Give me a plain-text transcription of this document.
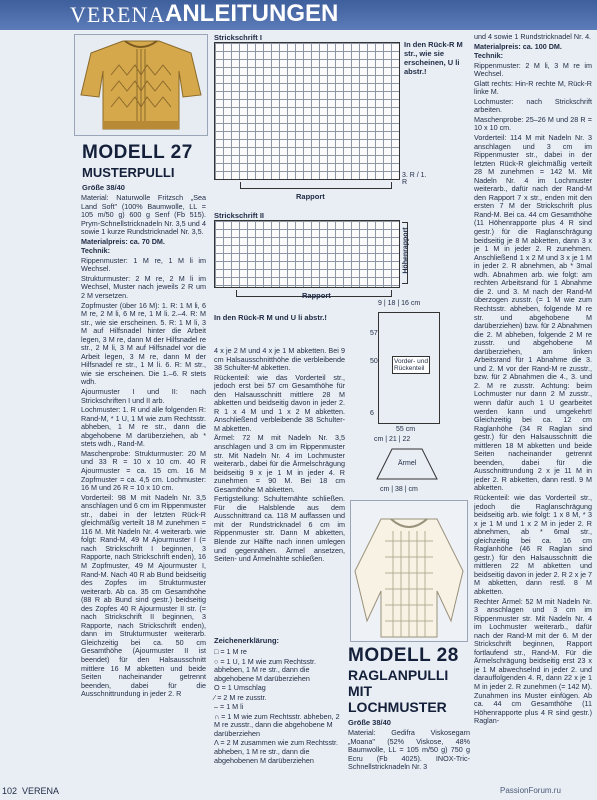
VERENA ANLEITUNGEN
MODELL 27
MUSTERPULLI
Größe 38/40

Material: Naturwolle Fritzsch „Sea Land Soft" (100% Baumwolle, LL = 105 m/50 g) 600 g Senf (Fb 515). Prym-Schnellstricknadeln Nr. 3,5 und 4 sowie 1 kurze Rundstricknadel Nr. 3,5.

Materialpreis: ca. 70 DM.

Technik:

Rippenmuster: 1 M re, 1 M li im Wechsel.

Strukturmuster: 2 M re, 2 M li im Wechsel, Muster nach jeweils 2 R um 2 M versetzen.

Zopfmuster (über 16 M): 1. R: 1 M li, 6 M re, 2 M li, 6 M re, 1 M li. 2.–4. R: M str., wie sie erscheinen. 5. R: 1 M li, 3 M auf Hilfsnadel hinter die Arbeit legen, 3 M re, dann M der Hilfsnadel re str., 2 M li, 3 M auf Hilfsnadel vor die Arbeit legen, 3 M re, dann M der Hilfsnadel re str., 1 M li. 6. R: M str., wie sie erscheinen. Die 1.–6. R stets wdh.

Ajourmuster I und II: nach Strickschriften I und II arb.

Lochmuster: 1. R und alle folgenden R: Rand-M, * 1 U, 1 M wie zum Rechtsstr. abheben, 1 M re str., dann die abgehobene M darüberziehen, ab * stets wdh., Rand-M.

Maschenprobe: Strukturmuster: 20 M und 33 R = 10 x 10 cm. 40 R Ajourmuster = ca. 15 cm. 16 M Zopfmuster = ca. 4,5 cm. Lochmuster: 16 M und 26 R = 10 x 10 cm.

Vorderteil: 98 M mit Nadeln Nr. 3,5 anschlagen und 6 cm im Rippenmuster str., dabei in der letzten Rück-R gleichmäßig verteilt 18 M zunehmen = 116 M. Mit Nadeln Nr. 4 weiterarb. wie folgt: Rand-M, 49 M Ajourmuster I (= nach Strickschrift I beginnen, 3 Rapporte, nach Strickschrift enden), 16 M Zopfmuster, 49 M Ajourmuster I, Rand-M. Nach 40 R ab Bund beidseitig des Zopfes im Strukturmuster weiterarb. Ab ca. 35 cm Gesamthöhe (88 R ab Bund sind gestr.) beidseitig des Zopfes 40 R Ajourmuster II str. (= nach Strickschrift II beginnen, 3 Rapporte, nach Strickschrift enden), dann im Strukturmuster weiterarb. Gleichzeitig bei ca. 50 cm Gesamthöhe (Ajourmuster II ist beendet) für den Halsausschnitt mittlere 16 M abketten und beide Seiten nacheinander getrennt beenden, dabei für die Ausschnittrundung in jeder 2. R

Strickschrift I
In den Rück-R M str., wie sie erscheinen, U li abstr.!
3. R / 1. R
Rapport
Strickschrift II
Höhenrapport
Rapport
In den Rück-R M und U li abstr.!

4 x je 2 M und 4 x je 1 M abketten. Bei 9 cm Halsausschnitthöhe die verbleibende 38 Schulter-M abketten.

Rückenteil: wie das Vorderteil str., jedoch erst bei 57 cm Gesamthöhe für den Halsausschnitt mittlere 28 M abketten und beidseitig davon in jeder 2. R 1 x 4 M und 1 x 2 M abketten. Anschließend verbleibende 38 Schulter-M abketten.

Ärmel: 72 M mit Nadeln Nr. 3,5 anschlagen und 3 cm im Rippenmuster str. Mit Nadeln Nr. 4 im Lochmuster weiterarb., dabei für die Ärmelschrägung beidseitig 9 x je 1 M in jeder 4. R zunehmen = 90 M. Bei 18 cm Gesamthöhe M abketten.

Fertigstellung: Schulternähte schließen. Für die Halsblende aus dem Ausschnittrand ca. 118 M auffassen und mit der Rundstricknadel 6 cm im Rippenmuster str. Dann M abketten, Blende zur Hälfte nach innen umlegen und gegennähen. Ärmel ansetzen, Seiten- und Ärmelnähte schließen.

Zeichenerklärung:

□ = 1 M re

○ = 1 U, 1 M wie zum Rechtsstr. abheben, 1 M re str., dann die abgehobene M darüberziehen

O = 1 Umschlag

⁄ = 2 M re zusstr.

– = 1 M li

∩ = 1 M wie zum Rechtsstr. abheben, 2 M re zusstr., dann die abgehobene M darüberziehen

Λ = 2 M zusammen wie zum Rechtsstr. abheben, 1 M re str., dann die abgehobenen M darüberziehen

9 | 18 | 16 cm
57
50
6
Vorder- und Rückenteil
55 cm
cm | 21 | 22
Ärmel
cm | 38 | cm
MODELL 28
RAGLANPULLI
MIT
LOCHMUSTER
Größe 38/40
Material: Gedifra Viskosegarn „Moana" (52% Viskose, 48% Baumwolle, LL = 105 m/50 g) 750 g Ecru (Fb 4025). INOX-Tric-Schnellstricknadeln Nr. 3

und 4 sowie 1 Rundstricknadel Nr. 4.

Materialpreis: ca. 100 DM.

Technik:

Rippenmuster: 2 M li, 3 M re im Wechsel.

Glatt rechts: Hin-R rechte M, Rück-R linke M.

Lochmuster: nach Strickschrift arbeiten.

Maschenprobe: 25–26 M und 28 R = 10 x 10 cm.

Vorderteil: 114 M mit Nadeln Nr. 3 anschlagen und 3 cm im Rippenmuster str., dabei in der letzten Rück-R gleichmäßig verteilt 28 M zunehmen = 142 M. Mit Nadeln Nr. 4 im Lochmuster weiterarb., dafür nach der Rand-M den Rapport 7 x str., enden mit den ersten 7 M der Strickschrift plus Rand-M. Bei ca. 44 cm Gesamthöhe (11 Höhenrapporte plus 4 R sind gestr.) für die Raglanschrägung beidseitig je 8 M abketten, dann 3 x je 1 M in jeder 2. R zunehmen. Anschließend 1 x 2 M und 3 x je 1 M in jeder 2. R abnehmen, ab * 3mal wdh. Abnahmen arb. wie folgt: am rechten Arbeitsrand für 1 Abnahme die 2. und 3. M nach der Rand-M überzogen zusstr. (= 1 M wie zum Rechtsstr. abheben, folgende M re str. und abgehobene M darüberziehen) bzw. für 2 Abnahmen die 2. M abheben, folgende 2 M re zusstr. und abgehobene M darüberziehen, am linken Arbeitsrand für 1 Abnahme die 3. und 2. M vor der Rand-M re zusstr., bzw. für 2 Abnahmen die 4., 3. und 2. M re zusstr. Achtung: beim Lochmuster nur dann 2 M zusstr., wenn dafür auch 1 U gearbeitet werden kann und umgekehrt! Gleichzeitig bei ca. 12 cm Raglanhöhe (34 R Raglan sind gestr.) für den Halsausschnitt die mittleren 18 M abketten und beide Seiten nacheinander getrennt beenden, dabei für die Ausschnittrundung 2 x je 11 M in jeder 2. R abketten, dann restl. 9 M abketten.

Rückenteil: wie das Vorderteil str., jedoch die Raglanschrägung beidseitig arb. wie folgt: 1 x 8 M, * 3 x je 1 M und 1 x 2 M in jeder 2. R abnehmen, ab * 6mal str., gleichzeitig bei ca. 16 cm Raglanhöhe (46 R Raglan sind gestr.) für den Halsausschnitt die mittleren 22 M abketten und beidseitig davon in jeder 2. R 2 x je 7 M abketten, dann restl. 8 M abketten.

Rechter Ärmel: 52 M mit Nadeln Nr. 3 anschlagen und 3 cm im Rippenmuster str. Mit Nadeln Nr. 4 im Lochmuster weiterarb., dafür nach der Rand-M mit der 6. M der Strickschrift beginnen, Rapport fortlaufend str., Rand-M. Für die Ärmelschrägung beidseitig erst 23 x je 1 M abwechselnd in jeder 2. und darauffolgenden 4. R, dann 22 x je 1 M in jeder 2. R zunehmen (= 142 M). Zunahmen ins Muster einfügen. Ab ca. 44 cm Gesamthöhe (11 Höhenrapporte plus 4 R sind gestr.) Raglan-

102 VERENA	PassionForum.ru
